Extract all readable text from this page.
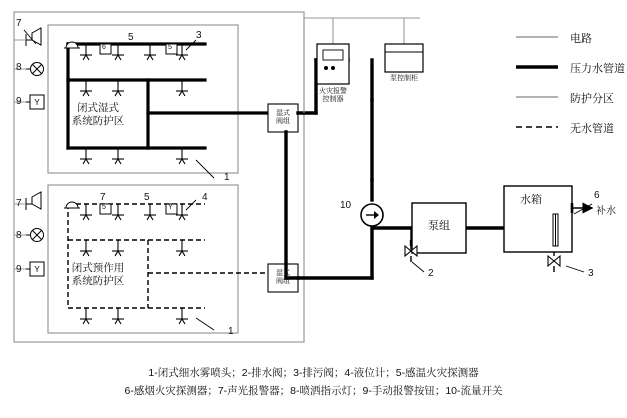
Y
Y
闭式湿式
系统防护区
闭式预作用
系统防护区
火灾报警
控制器
泵控制柜
泵组
水箱
湿式
阀组
湿式
阀组
补水
6	5
5	Y
7
8
9
7
8
9
5	3
7	5	4
1
1
2	3
6
10
电路
压力水管道
防护分区
无水管道
1-闭式细水雾喷头；2-排水阀；3-排污阀；4-液位计；5-感温火灾探测器
6-感烟火灾探测器；7-声光报警器；8-喷洒指示灯；9-手动报警按钮；10-流量开关
